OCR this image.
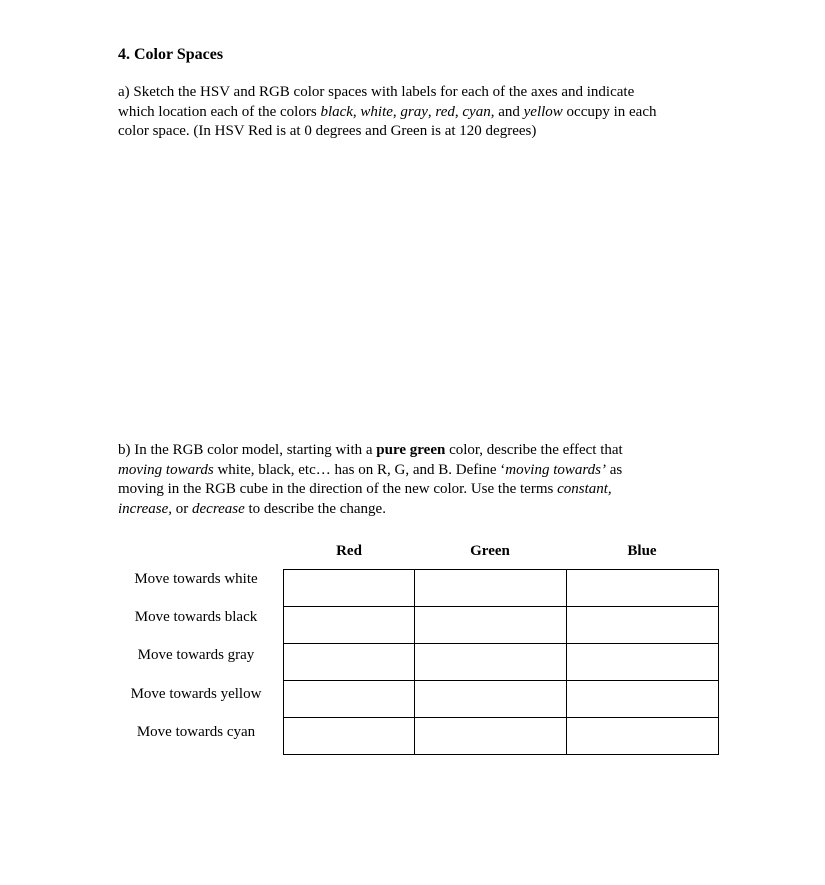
4. Color Spaces
a) Sketch the HSV and RGB color spaces with labels for each of the axes and indicate
which location each of the colors black, white, gray, red, cyan, and yellow occupy in each
color space. (In HSV Red is at 0 degrees and Green is at 120 degrees)
b) In the RGB color model, starting with a pure green color, describe the effect that
moving towards white, black, etc… has on R, G, and B. Define ‘moving towards’ as
moving in the RGB cube in the direction of the new color. Use the terms constant,
increase, or decrease to describe the change.
Red	Green	Blue
Move towards white
Move towards black
Move towards gray
Move towards yellow
Move towards cyan
